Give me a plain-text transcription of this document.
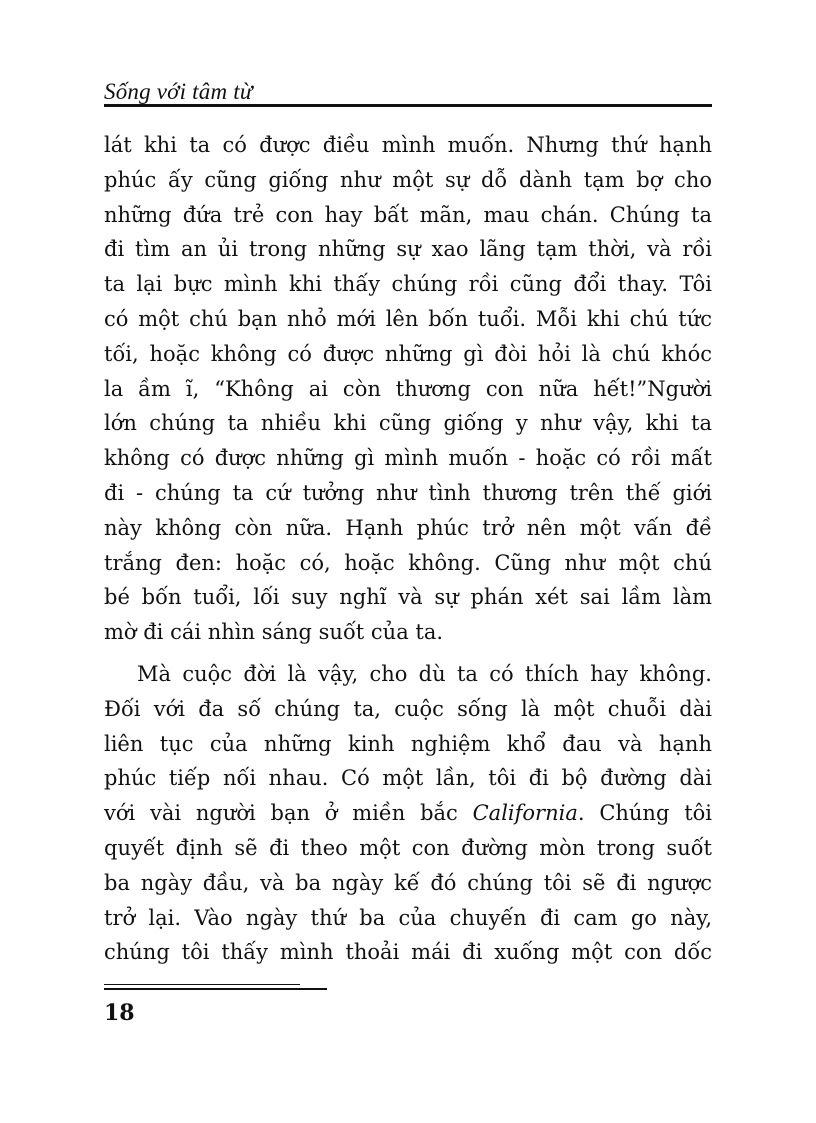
Sống với tâm từ
lát khi ta có được điều mình muốn. Nhưng thứ hạnh
phúc ấy cũng giống như một sự dỗ dành tạm bợ cho
những đứa trẻ con hay bất mãn, mau chán. Chúng ta
đi tìm an ủi trong những sự xao lãng tạm thời, và rồi
ta lại bực mình khi thấy chúng rồi cũng đổi thay. Tôi
có một chú bạn nhỏ mới lên bốn tuổi. Mỗi khi chú tức
tối, hoặc không có được những gì đòi hỏi là chú khóc
la ầm ĩ, “Không ai còn thương con nữa hết!”Người
lớn chúng ta nhiều khi cũng giống y như vậy, khi ta
không có được những gì mình muốn - hoặc có rồi mất
đi - chúng ta cứ tưởng như tình thương trên thế giới
này không còn nữa. Hạnh phúc trở nên một vấn đề
trắng đen: hoặc có, hoặc không. Cũng như một chú
bé bốn tuổi, lối suy nghĩ và sự phán xét sai lầm làm
mờ đi cái nhìn sáng suốt của ta.
Mà cuộc đời là vậy, cho dù ta có thích hay không.
Đối với đa số chúng ta, cuộc sống là một chuỗi dài
liên tục của những kinh nghiệm khổ đau và hạnh
phúc tiếp nối nhau. Có một lần, tôi đi bộ đường dài
với vài người bạn ở miền bắc California. Chúng tôi
quyết định sẽ đi theo một con đường mòn trong suốt
ba ngày đầu, và ba ngày kế đó chúng tôi sẽ đi ngược
trở lại. Vào ngày thứ ba của chuyến đi cam go này,
chúng tôi thấy mình thoải mái đi xuống một con dốc
18
